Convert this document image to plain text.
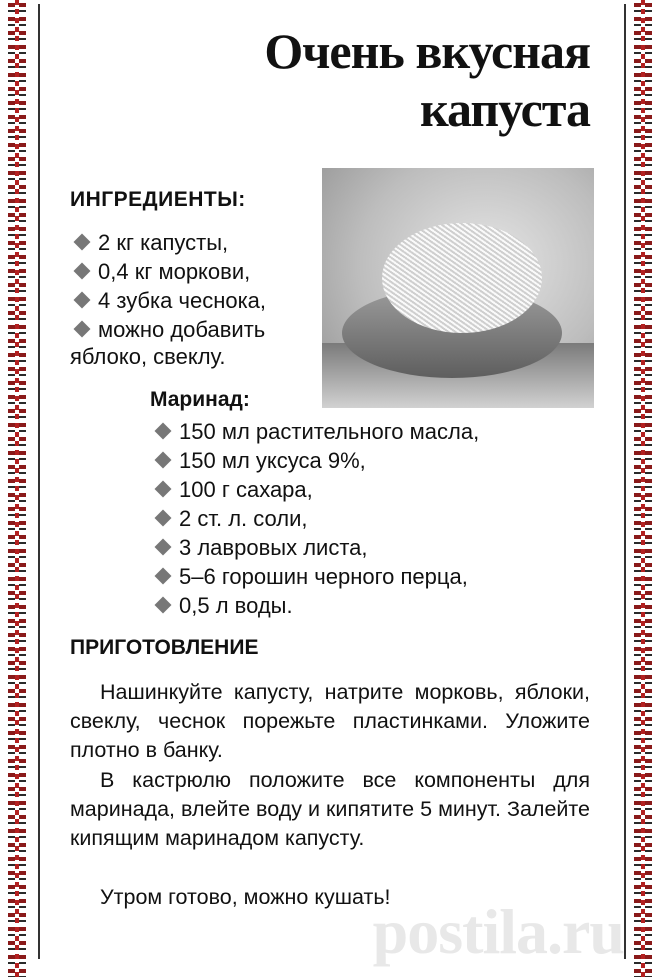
Очень вкусная капуста
ИНГРЕДИЕНТЫ:
2 кг капусты,
0,4 кг моркови,
4 зубка чеснока,
можно добавить
яблоко, свеклу.
Маринад:
150 мл растительного масла,
150 мл уксуса 9%,
100 г сахара,
2 ст. л. соли,
3 лавровых листа,
5–6 горошин черного перца,
0,5 л воды.
ПРИГОТОВЛЕНИЕ

Нашинкуйте капусту, натрите морковь, яблоки, свеклу, чеснок порежьте пластинками. Уложите плотно в банку.

В кастрюлю положите все компоненты для маринада, влейте воду и кипятите 5 минут. Залейте кипящим маринадом капусту.

Утром готово, можно кушать!

postila.ru
